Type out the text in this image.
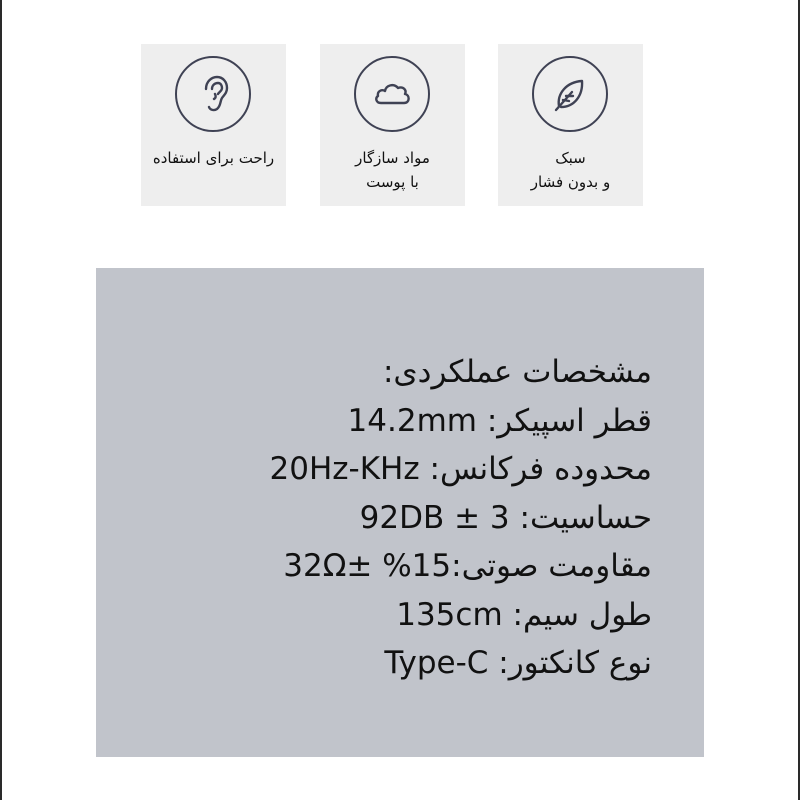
راحت برای استفاده	مواد سازگار
با پوست
سبک
و بدون فشار
مشخصات عملکردی:
قطر اسپیکر: 14.2mm
محدوده فرکانس: 20Hz-KHz
حساسیت: 92DB ± 3
مقاومت صوتی:32Ω± %15
طول سیم: 135cm
نوع کانکتور: Type-C
